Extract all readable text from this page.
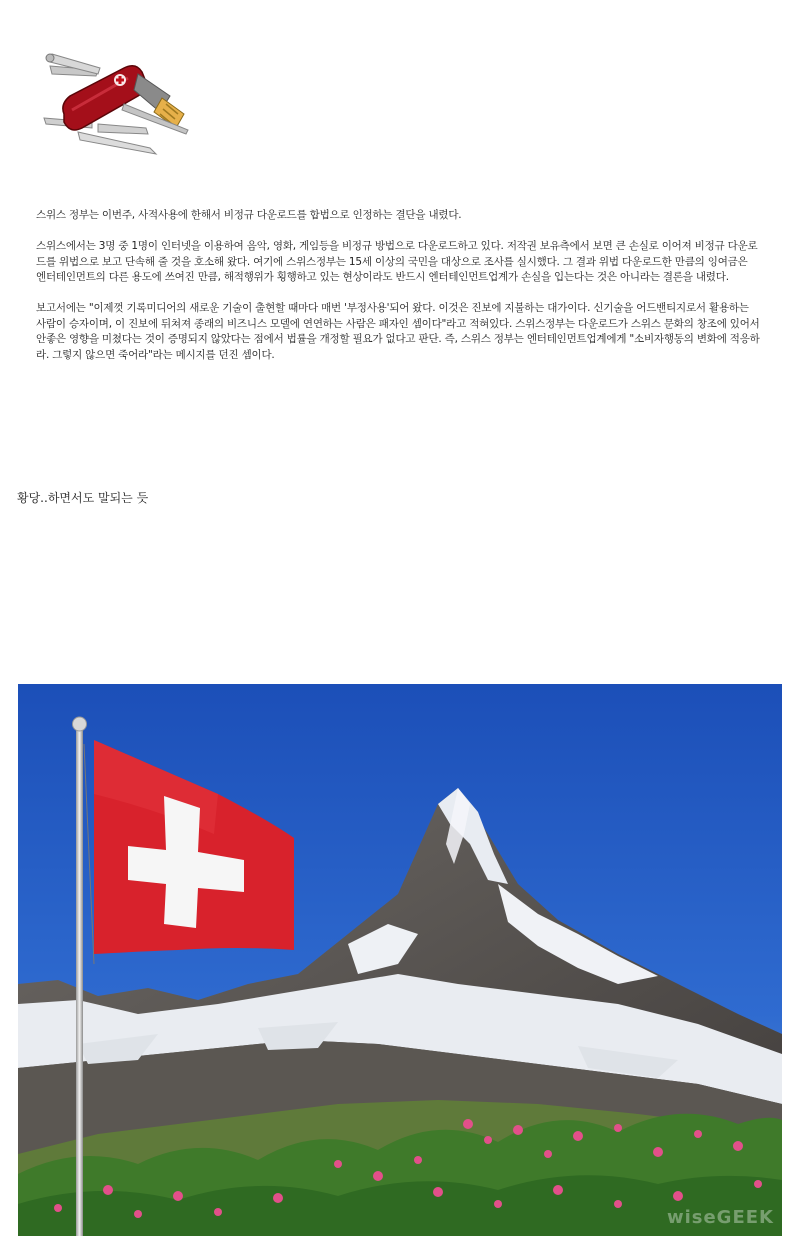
스위스 정부는 이번주, 사적사용에 한해서 비정규 다운로드를 합법으로 인정하는 결단을 내렸다.

스위스에서는 3명 중 1명이 인터넷을 이용하여 음악, 영화, 게임등을 비정규 방법으로 다운로드하고 있다. 저작권 보유측에서 보면 큰 손실로 이어져 비정규 다운로드를 위법으로 보고 단속해 줄 것을 호소해 왔다. 여기에 스위스정부는 15세 이상의 국민을 대상으로 조사를 실시했다. 그 결과 위법 다운로드한 만큼의 잉여금은 엔터테인먼트의 다른 용도에 쓰여진 만큼, 해적행위가 횡행하고 있는 현상이라도 반드시 엔터테인먼트업계가 손실을 입는다는 것은 아니라는 결론을 내렸다.

보고서에는 "이제껏 기록미디어의 새로운 기술이 출현할 때마다 매번 '부정사용'되어 왔다. 이것은 진보에 지불하는 대가이다. 신기술을 어드밴티지로서 활용하는 사람이 승자이며, 이 진보에 뒤쳐져 종래의 비즈니스 모델에 연연하는 사람은 패자인 셈이다"라고 적혀있다. 스위스정부는 다운로드가 스위스 문화의 창조에 있어서 안좋은 영향을 미쳤다는 것이 증명되지 않았다는 점에서 법률을 개정할 필요가 없다고 판단. 즉, 스위스 정부는 엔터테인먼트업계에게 "소비자행동의 변화에 적응하라. 그렇지 않으면 죽어라"라는 메시지를 던진 셈이다.

황당..하면서도 말되는 듯
wiseGEEK
